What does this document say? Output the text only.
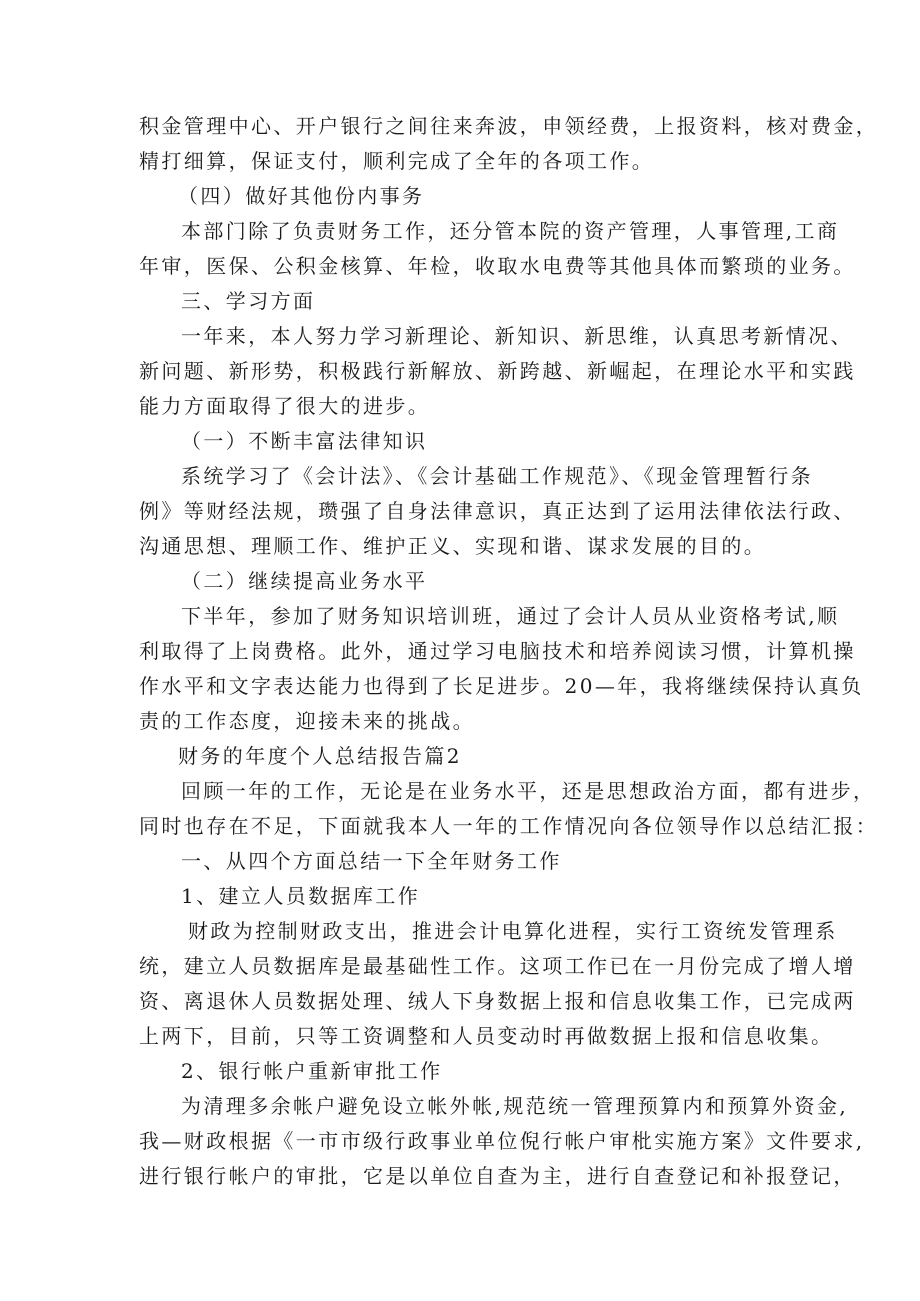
积金管理中心、开户银行之间往来奔波，申领经费，上报资料，核对费金，
精打细算，保证支付，顺利完成了全年的各项工作。
（四）做好其他份内事务
本部门除了负责财务工作，还分管本院的资产管理，人事管理,工商
年审，医保、公积金核算、年检，收取水电费等其他具体而繁琐的业务。
三、学习方面
一年来，本人努力学习新理论、新知识、新思维，认真思考新情况、
新问题、新形势，积极践行新解放、新跨越、新崛起，在理论水平和实践
能力方面取得了很大的进步。
（一）不断丰富法律知识
系统学习了《会计法》、《会计基础工作规范》、《现金管理暂行条
例》等财经法规，瓒强了自身法律意识，真正达到了运用法律依法行政、
沟通思想、理顺工作、维护正义、实现和谐、谋求发展的目的。
（二）继续提高业务水平
下半年，参加了财务知识培训班，通过了会计人员从业资格考试,顺
利取得了上岗费格。此外，通过学习电脑技术和培养阅读习惯，计算机操
作水平和文字表达能力也得到了长足进步。20—年，我将继续保持认真负
责的工作态度，迎接未来的挑战。
财务的年度个人总结报告篇2
回顾一年的工作，无论是在业务水平，还是思想政治方面，都有进步，
同时也存在不足，下面就我本人一年的工作情况向各位领导作以总结汇报：
一、从四个方面总结一下全年财务工作
1、建立人员数据库工作
财政为控制财政支出，推进会计电算化进程，实行工资统发管理系
统，建立人员数据库是最基础性工作。这项工作已在一月份完成了增人增
资、离退休人员数据处理、绒人下身数据上报和信息收集工作，已完成两
上两下，目前，只等工资调整和人员变动时再做数据上报和信息收集。
2、银行帐户重新审批工作
为清理多余帐户避免设立帐外帐,规范统一管理预算内和预算外资金,
我—财政根据《一市市级行政事业单位倪行帐户审枇实施方案》文件要求,
进行银行帐户的审批，它是以单位自查为主，进行自查登记和补报登记，
